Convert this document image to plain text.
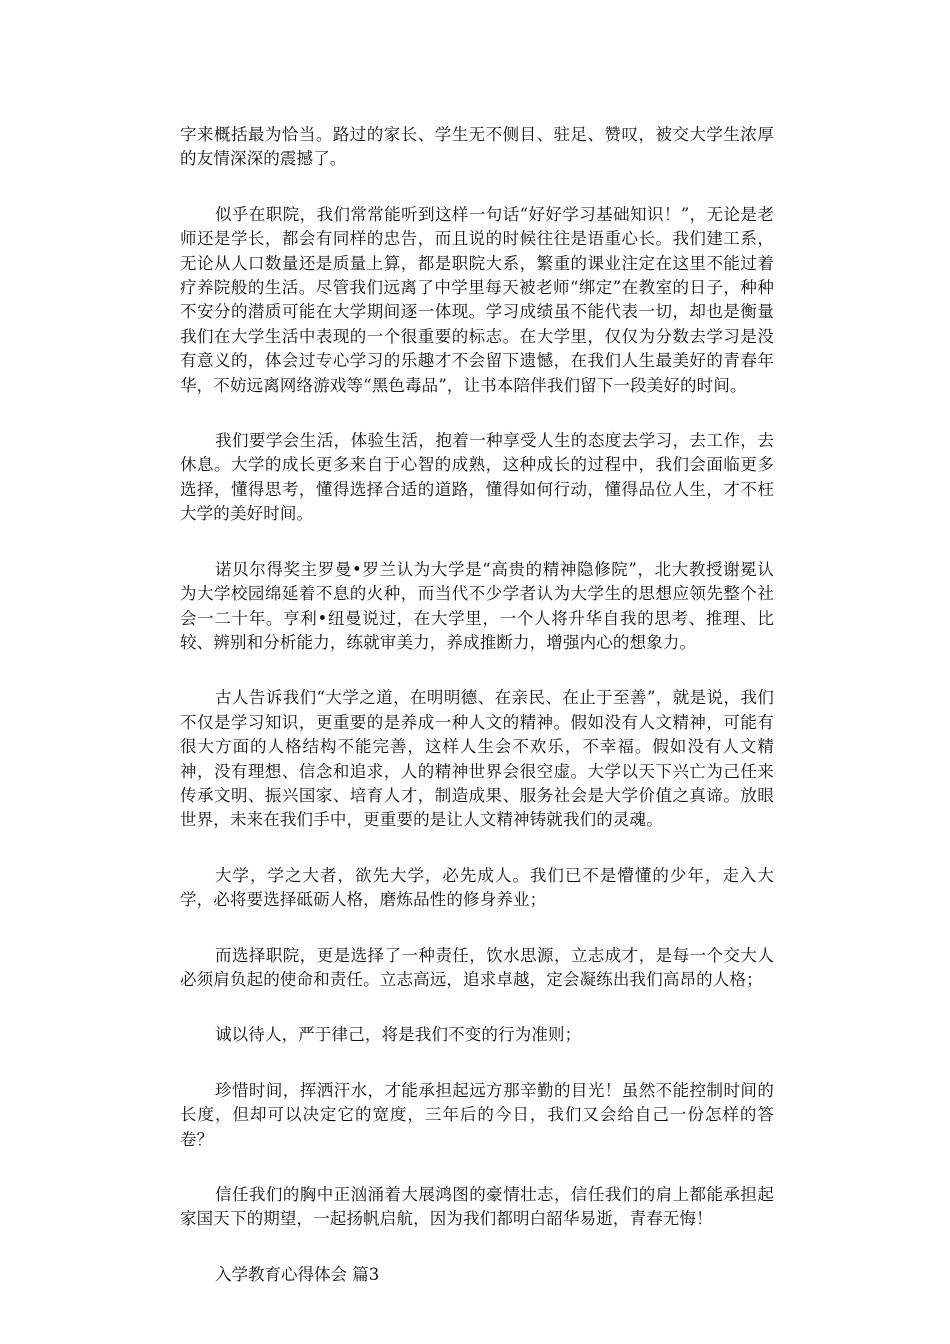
字来概括最为恰当。路过的家长、学生无不侧目、驻足、赞叹，被交大学生浓厚的友情深深的震撼了。

似乎在职院，我们常常能听到这样一句话“好好学习基础知识！”，无论是老师还是学长，都会有同样的忠告，而且说的时候往往是语重心长。我们建工系，无论从人口数量还是质量上算，都是职院大系，繁重的课业注定在这里不能过着疗养院般的生活。尽管我们远离了中学里每天被老师“绑定”在教室的日子，种种不安分的潜质可能在大学期间逐一体现。学习成绩虽不能代表一切，却也是衡量我们在大学生活中表现的一个很重要的标志。在大学里，仅仅为分数去学习是没有意义的，体会过专心学习的乐趣才不会留下遗憾，在我们人生最美好的青春年华，不妨远离网络游戏等“黑色毒品”，让书本陪伴我们留下一段美好的时间。

我们要学会生活，体验生活，抱着一种享受人生的态度去学习，去工作，去休息。大学的成长更多来自于心智的成熟，这种成长的过程中，我们会面临更多选择，懂得思考，懂得选择合适的道路，懂得如何行动，懂得品位人生，才不枉大学的美好时间。

诺贝尔得奖主罗曼•罗兰认为大学是“高贵的精神隐修院”，北大教授谢冕认为大学校园绵延着不息的火种，而当代不少学者认为大学生的思想应领先整个社会一二十年。亨利•纽曼说过，在大学里，一个人将升华自我的思考、推理、比较、辨别和分析能力，练就审美力，养成推断力，增强内心的想象力。

古人告诉我们“大学之道，在明明德、在亲民、在止于至善”，就是说，我们不仅是学习知识，更重要的是养成一种人文的精神。假如没有人文精神，可能有很大方面的人格结构不能完善，这样人生会不欢乐，不幸福。假如没有人文精神，没有理想、信念和追求，人的精神世界会很空虚。大学以天下兴亡为己任来传承文明、振兴国家、培育人才，制造成果、服务社会是大学价值之真谛。放眼世界，未来在我们手中，更重要的是让人文精神铸就我们的灵魂。

大学，学之大者，欲先大学，必先成人。我们已不是懵懂的少年，走入大学，必将要选择砥砺人格，磨炼品性的修身养业；

而选择职院，更是选择了一种责任，饮水思源，立志成才，是每一个交大人必须肩负起的使命和责任。立志高远，追求卓越，定会凝练出我们高昂的人格；

诚以待人，严于律己，将是我们不变的行为准则；

珍惜时间，挥洒汗水，才能承担起远方那辛勤的目光！虽然不能控制时间的长度，但却可以决定它的宽度，三年后的今日，我们又会给自己一份怎样的答卷？

信任我们的胸中正汹涌着大展鸿图的豪情壮志，信任我们的肩上都能承担起家国天下的期望，一起扬帆启航，因为我们都明白韶华易逝，青春无悔！

入学教育心得体会 篇3
